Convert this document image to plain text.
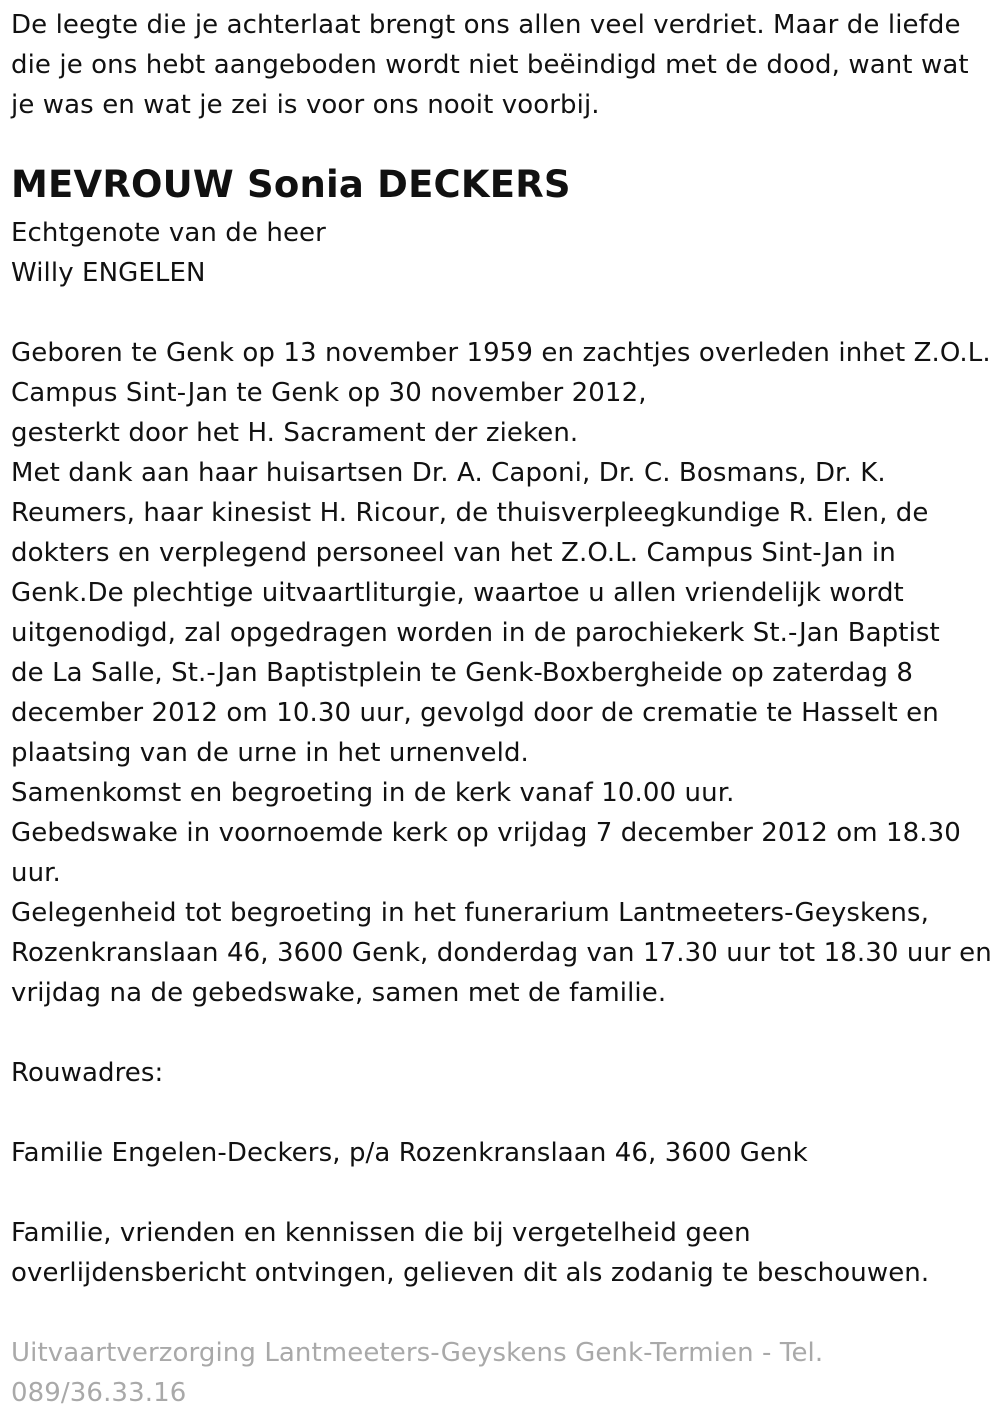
De leegte die je achterlaat brengt ons allen veel verdriet. Maar de liefde
die je ons hebt aangeboden wordt niet beëindigd met de dood, want wat
je was en wat je zei is voor ons nooit voorbij.
MEVROUW Sonia DECKERS
Echtgenote van de heer
Willy ENGELEN
Geboren te Genk op 13 november 1959 en zachtjes overleden inhet Z.O.L.
Campus Sint-Jan te Genk op 30 november 2012,
gesterkt door het H. Sacrament der zieken.
Met dank aan haar huisartsen Dr. A. Caponi, Dr. C. Bosmans, Dr. K.
Reumers, haar kinesist H. Ricour, de thuisverpleegkundige R. Elen, de
dokters en verplegend personeel van het Z.O.L. Campus Sint-Jan in
Genk.De plechtige uitvaartliturgie, waartoe u allen vriendelijk wordt
uitgenodigd, zal opgedragen worden in de parochiekerk St.-Jan Baptist
de La Salle, St.-Jan Baptistplein te Genk-Boxbergheide op zaterdag 8
december 2012 om 10.30 uur, gevolgd door de crematie te Hasselt en
plaatsing van de urne in het urnenveld.
Samenkomst en begroeting in de kerk vanaf 10.00 uur.
Gebedswake in voornoemde kerk op vrijdag 7 december 2012 om 18.30
uur.
Gelegenheid tot begroeting in het funerarium Lantmeeters-Geyskens,
Rozenkranslaan 46, 3600 Genk, donderdag van 17.30 uur tot 18.30 uur en
vrijdag na de gebedswake, samen met de familie.
Rouwadres:
Familie Engelen-Deckers, p/a Rozenkranslaan 46, 3600 Genk
Familie, vrienden en kennissen die bij vergetelheid geen
overlijdensbericht ontvingen, gelieven dit als zodanig te beschouwen.
Uitvaartverzorging Lantmeeters-Geyskens Genk-Termien - Tel.
089/36.33.16
